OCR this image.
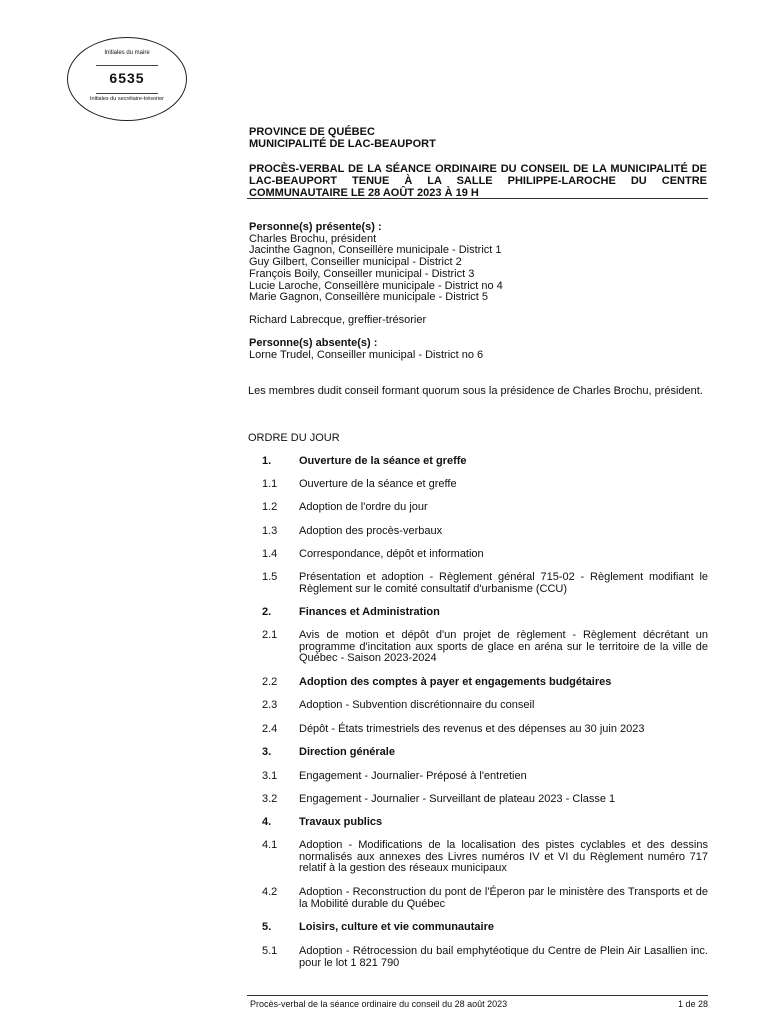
Initiales du maire
6535
Initiales du secrétaire-trésorier
PROVINCE DE QUÉBEC
MUNICIPALITÉ DE LAC-BEAUPORT
PROCÈS-VERBAL DE LA SÉANCE ORDINAIRE DU CONSEIL DE LA MUNICIPALITÉ DE LAC-BEAUPORT TENUE À LA SALLE PHILIPPE-LAROCHE DU CENTRE COMMUNAUTAIRE LE 28 AOÛT 2023 À 19 H
Personne(s) présente(s) :
Charles Brochu, président
Jacinthe Gagnon, Conseillère municipale - District 1
Guy Gilbert, Conseiller municipal - District 2
François Boily, Conseiller municipal - District 3
Lucie Laroche, Conseillère municipale - District no 4
Marie Gagnon, Conseillère municipale - District 5
Richard Labrecque, greffier-trésorier
Personne(s) absente(s) :
Lorne Trudel, Conseiller municipal - District no 6
Les membres dudit conseil formant quorum sous la présidence de Charles Brochu, président.
ORDRE DU JOUR
1.	Ouverture de la séance et greffe
1.1	Ouverture de la séance et greffe
1.2	Adoption de l'ordre du jour
1.3	Adoption des procès-verbaux
1.4	Correspondance, dépôt et information
1.5	Présentation et adoption - Règlement général 715-02 - Règlement modifiant le Règlement sur le comité consultatif d'urbanisme (CCU)
2.	Finances et Administration
2.1	Avis de motion et dépôt d'un projet de règlement - Règlement décrétant un programme d'incitation aux sports de glace en aréna sur le territoire de la ville de Québec - Saison 2023-2024
2.2	Adoption des comptes à payer et engagements budgétaires
2.3	Adoption - Subvention discrétionnaire du conseil
2.4	Dépôt - États trimestriels des revenus et des dépenses au 30 juin 2023
3.	Direction générale
3.1	Engagement - Journalier- Préposé à l'entretien
3.2	Engagement - Journalier - Surveillant de plateau 2023 - Classe 1
4.	Travaux publics
4.1	Adoption - Modifications de la localisation des pistes cyclables et des dessins normalisés aux annexes des Livres numéros IV et VI du Règlement numéro 717 relatif à la gestion des réseaux municipaux
4.2	Adoption - Reconstruction du pont de l'Éperon par le ministère des Transports et de la Mobilité durable du Québec
5.	Loisirs, culture et vie communautaire
5.1	Adoption - Rétrocession du bail emphytéotique du Centre de Plein Air Lasallien inc. pour le lot 1 821 790
Procès-verbal de la séance ordinaire du conseil du 28 août 2023	1 de 28
